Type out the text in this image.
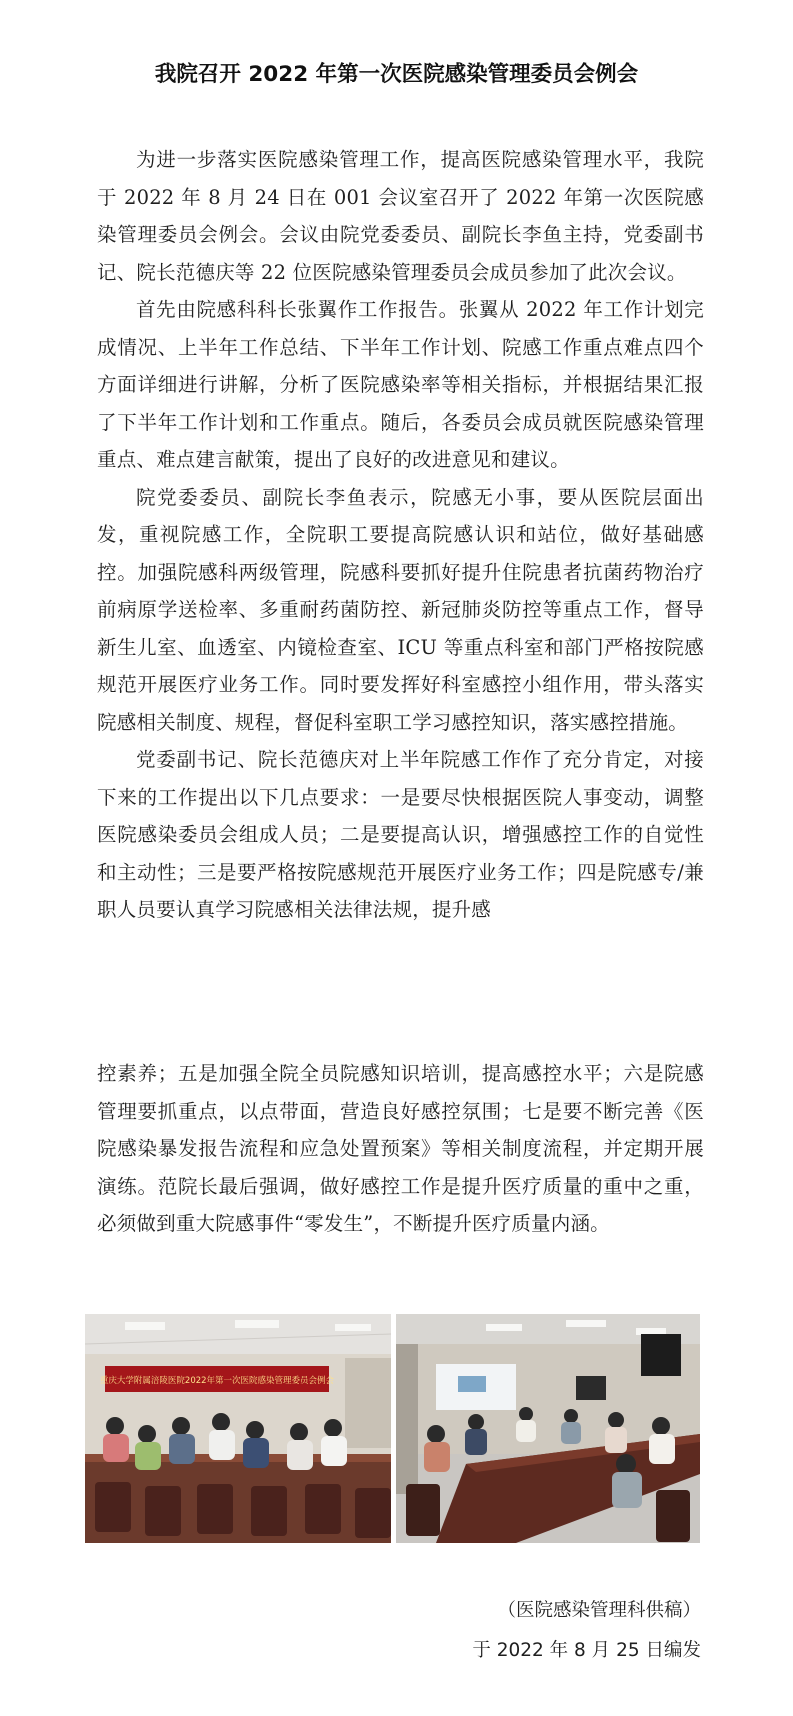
我院召开 2022 年第一次医院感染管理委员会例会

为进一步落实医院感染管理工作，提高医院感染管理水平，我院于 2022 年 8 月 24 日在 001 会议室召开了 2022 年第一次医院感染管理委员会例会。会议由院党委委员、副院长李鱼主持，党委副书记、院长范德庆等 22 位医院感染管理委员会成员参加了此次会议。

首先由院感科科长张翼作工作报告。张翼从 2022 年工作计划完成情况、上半年工作总结、下半年工作计划、院感工作重点难点四个方面详细进行讲解，分析了医院感染率等相关指标，并根据结果汇报了下半年工作计划和工作重点。随后，各委员会成员就医院感染管理重点、难点建言献策，提出了良好的改进意见和建议。

院党委委员、副院长李鱼表示，院感无小事，要从医院层面出发，重视院感工作，全院职工要提高院感认识和站位，做好基础感控。加强院感科两级管理，院感科要抓好提升住院患者抗菌药物治疗前病原学送检率、多重耐药菌防控、新冠肺炎防控等重点工作，督导新生儿室、血透室、内镜检查室、ICU 等重点科室和部门严格按院感规范开展医疗业务工作。同时要发挥好科室感控小组作用，带头落实院感相关制度、规程，督促科室职工学习感控知识，落实感控措施。

党委副书记、院长范德庆对上半年院感工作作了充分肯定，对接下来的工作提出以下几点要求：一是要尽快根据医院人事变动，调整医院感染委员会组成人员；二是要提高认识，增强感控工作的自觉性和主动性；三是要严格按院感规范开展医疗业务工作；四是院感专/兼职人员要认真学习院感相关法律法规，提升感

控素养；五是加强全院全员院感知识培训，提高感控水平；六是院感管理要抓重点，以点带面，营造良好感控氛围；七是要不断完善《医院感染暴发报告流程和应急处置预案》等相关制度流程，并定期开展演练。范院长最后强调，做好感控工作是提升医疗质量的重中之重，必须做到重大院感事件“零发生”，不断提升医疗质量内涵。

重庆大学附属涪陵医院2022年第一次医院感染管理委员会例会
（医院感染管理科供稿）
于 2022 年 8 月 25 日编发
